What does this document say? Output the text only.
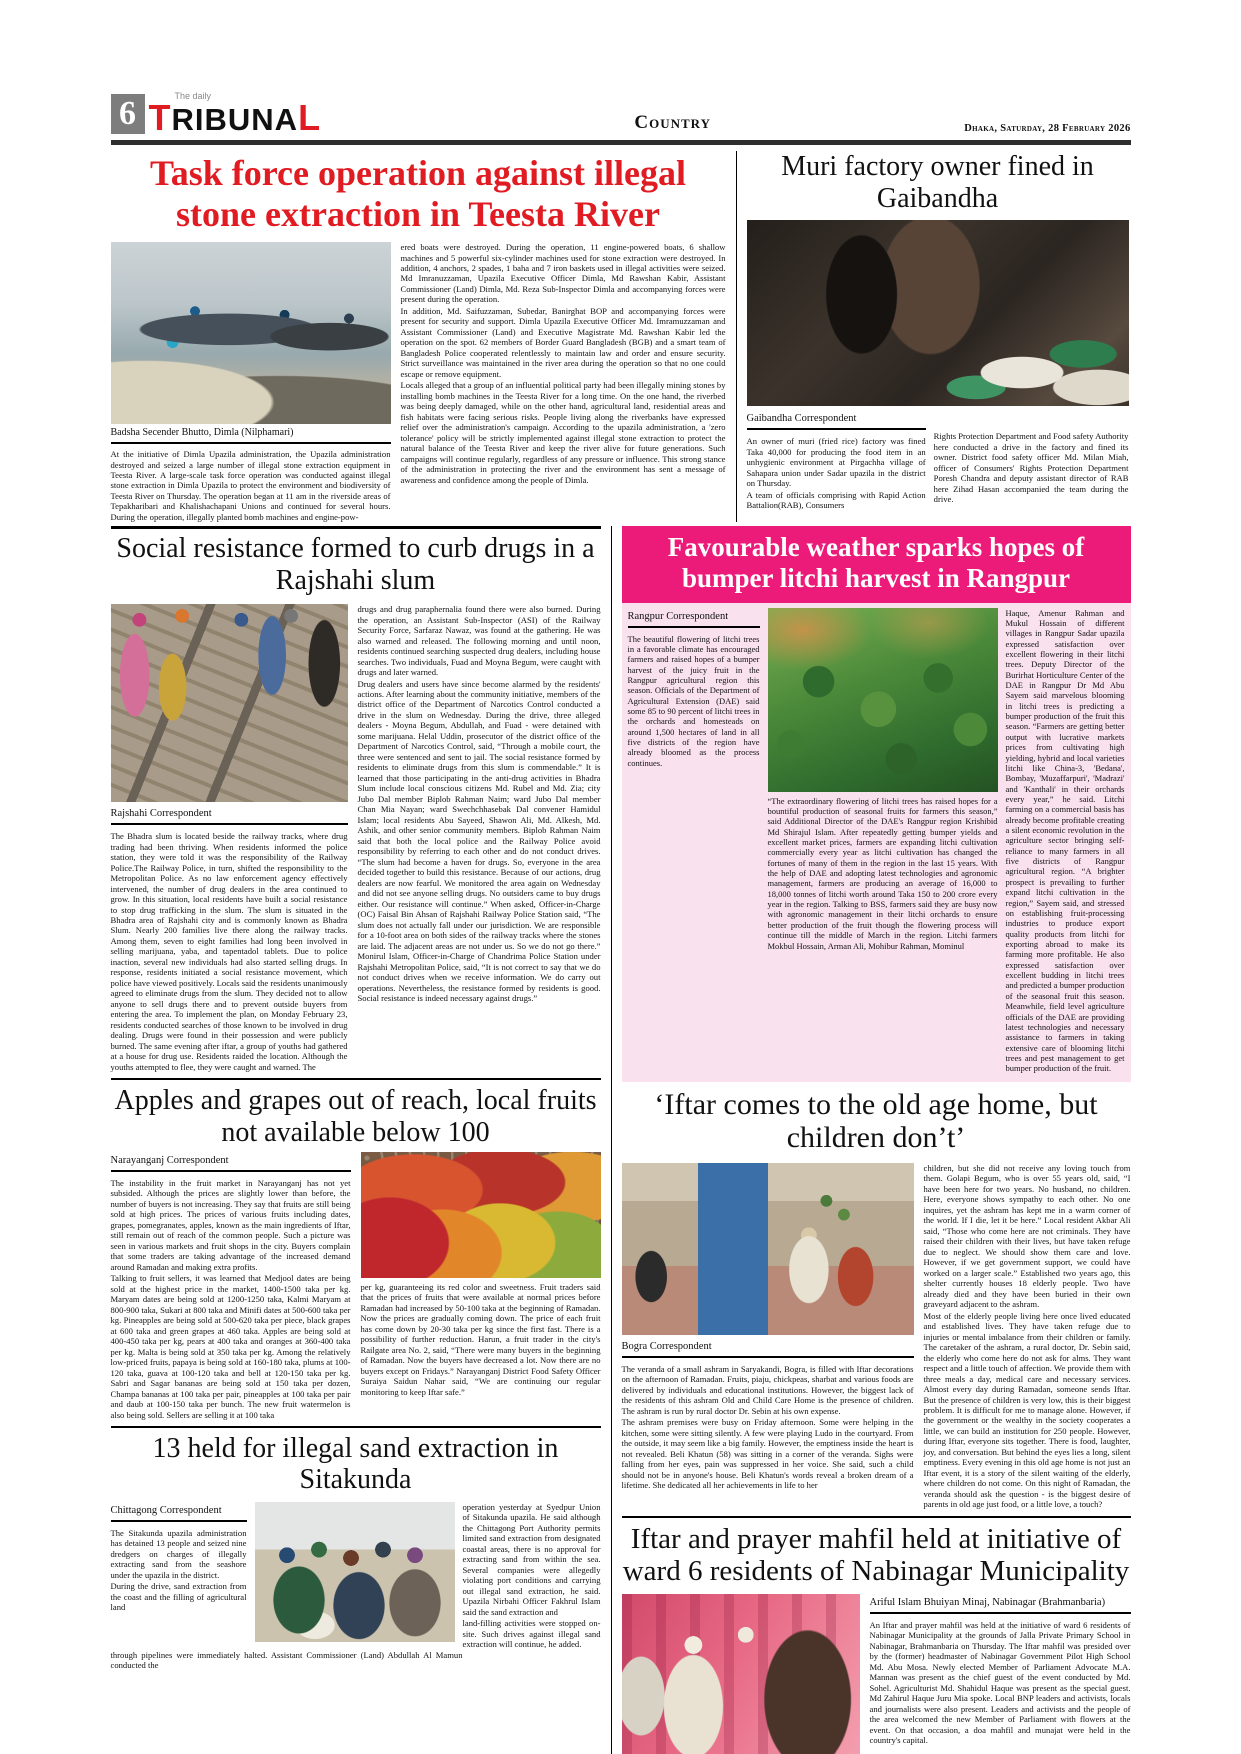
6	The daily
TRIBUNAL	Country	Dhaka, Saturday, 28 February 2026
Task force operation against illegal stone extraction in Teesta River
Badsha Secender Bhutto, Dimla (Nilphamari)

At the initiative of Dimla Upazila administration, the Upazila administration destroyed and seized a large number of illegal stone extraction equipment in Teesta River. A large-scale task force operation was conducted against illegal stone extraction in Dimla Upazila to protect the environment and biodiversity of Teesta River on Thursday. The operation began at 11 am in the riverside areas of Tepakharibari and Khalishachapani Unions and continued for several hours. During the operation, illegally planted bomb machines and engine-pow-

ered boats were destroyed. During the operation, 11 engine-powered boats, 6 shallow machines and 5 powerful six-cylinder machines used for stone extraction were destroyed. In addition, 4 anchors, 2 spades, 1 baha and 7 iron baskets used in illegal activities were seized. Md Imranuzzaman, Upazila Executive Officer Dimla, Md Rawshan Kabir, Assistant Commissioner (Land) Dimla, Md. Reza Sub-Inspector Dimla and accompanying forces were present during the operation.

In addition, Md. Saifuzzaman, Subedar, Banirghat BOP and accompanying forces were present for security and support. Dimla Upazila Executive Officer Md. Imramuzzaman and Assistant Commissioner (Land) and Executive Magistrate Md. Rawshan Kabir led the operation on the spot. 62 members of Border Guard Bangladesh (BGB) and a smart team of Bangladesh Police cooperated relentlessly to maintain law and order and ensure security. Strict surveillance was maintained in the river area during the operation so that no one could escape or remove equipment.

Locals alleged that a group of an influential political party had been illegally mining stones by installing bomb machines in the Teesta River for a long time. On the one hand, the riverbed was being deeply damaged, while on the other hand, agricultural land, residential areas and fish habitats were facing serious risks. People living along the riverbanks have expressed relief over the administration's campaign. According to the upazila administration, a 'zero tolerance' policy will be strictly implemented against illegal stone extraction to protect the natural balance of the Teesta River and keep the river alive for future generations. Such campaigns will continue regularly, regardless of any pressure or influence. This strong stance of the administration in protecting the river and the environment has sent a message of awareness and confidence among the people of Dimla.

Muri factory owner fined in Gaibandha
Gaibandha Correspondent

An owner of muri (fried rice) factory was fined Taka 40,000 for producing the food item in an unhygienic environment at Pirgachha village of Sahapara union under Sadar upazila in the district on Thursday.

A team of officials comprising with Rapid Action Battalion(RAB), Consumers

Rights Protection Department and Food safety Authority here conducted a drive in the factory and fined its owner. District food safety officer Md. Milan Miah, officer of Consumers' Rights Protection Department Poresh Chandra and deputy assistant director of RAB here Zihad Hasan accompanied the team during the drive.

Social resistance formed to curb drugs in a Rajshahi slum
Rajshahi Correspondent

The Bhadra slum is located beside the railway tracks, where drug trading had been thriving. When residents informed the police station, they were told it was the responsibility of the Railway Police.The Railway Police, in turn, shifted the responsibility to the Metropolitan Police. As no law enforcement agency effectively intervened, the number of drug dealers in the area continued to grow. In this situation, local residents have built a social resistance to stop drug trafficking in the slum. The slum is situated in the Bhadra area of Rajshahi city and is commonly known as Bhadra Slum. Nearly 200 families live there along the railway tracks. Among them, seven to eight families had long been involved in selling marijuana, yaba, and tapentadol tablets. Due to police inaction, several new individuals had also started selling drugs. In response, residents initiated a social resistance movement, which police have viewed positively. Locals said the residents unanimously agreed to eliminate drugs from the slum. They decided not to allow anyone to sell drugs there and to prevent outside buyers from entering the area. To implement the plan, on Monday February 23, residents conducted searches of those known to be involved in drug dealing. Drugs were found in their possession and were publicly burned. The same evening after iftar, a group of youths had gathered at a house for drug use. Residents raided the location. Although the youths attempted to flee, they were caught and warned. The

drugs and drug paraphernalia found there were also burned. During the operation, an Assistant Sub-Inspector (ASI) of the Railway Security Force, Sarfaraz Nawaz, was found at the gathering. He was also warned and released. The following morning and until noon, residents continued searching suspected drug dealers, including house searches. Two individuals, Fuad and Moyna Begum, were caught with drugs and later warned.

Drug dealers and users have since become alarmed by the residents' actions. After learning about the community initiative, members of the district office of the Department of Narcotics Control conducted a drive in the slum on Wednesday. During the drive, three alleged dealers - Moyna Begum, Abdullah, and Fuad - were detained with some marijuana. Helal Uddin, prosecutor of the district office of the Department of Narcotics Control, said, “Through a mobile court, the three were sentenced and sent to jail. The social resistance formed by residents to eliminate drugs from this slum is commendable.” It is learned that those participating in the anti-drug activities in Bhadra Slum include local conscious citizens Md. Rubel and Md. Zia; city Jubo Dal member Biplob Rahman Naim; ward Jubo Dal member Chan Mia Nayan; ward Swechchhasebak Dal convener Hamidul Islam; local residents Abu Sayeed, Shawon Ali, Md. Alkesh, Md. Ashik, and other senior community members. Biplob Rahman Naim said that both the local police and the Railway Police avoid responsibility by referring to each other and do not conduct drives. “The slum had become a haven for drugs. So, everyone in the area decided together to build this resistance. Because of our actions, drug dealers are now fearful. We monitored the area again on Wednesday and did not see anyone selling drugs. No outsiders came to buy drugs either. Our resistance will continue.” When asked, Officer-in-Charge (OC) Faisal Bin Ahsan of Rajshahi Railway Police Station said, “The slum does not actually fall under our jurisdiction. We are responsible for a 10-foot area on both sides of the railway tracks where the stones are laid. The adjacent areas are not under us. So we do not go there.” Monirul Islam, Officer-in-Charge of Chandrima Police Station under Rajshahi Metropolitan Police, said, “It is not correct to say that we do not conduct drives when we receive information. We do carry out operations. Nevertheless, the resistance formed by residents is good. Social resistance is indeed necessary against drugs.”

Apples and grapes out of reach, local fruits not available below 100
Narayanganj Correspondent

The instability in the fruit market in Narayanganj has not yet subsided. Although the prices are slightly lower than before, the number of buyers is not increasing. They say that fruits are still being sold at high prices. The prices of various fruits including dates, grapes, pomegranates, apples, known as the main ingredients of Iftar, still remain out of reach of the common people. Such a picture was seen in various markets and fruit shops in the city. Buyers complain that some traders are taking advantage of the increased demand around Ramadan and making extra profits.

Talking to fruit sellers, it was learned that Medjool dates are being sold at the highest price in the market, 1400-1500 taka per kg. Maryam dates are being sold at 1200-1250 taka, Kalmi Maryam at 800-900 taka, Sukari at 800 taka and Minifi dates at 500-600 taka per kg. Pineapples are being sold at 500-620 taka per piece, black grapes at 600 taka and green grapes at 460 taka. Apples are being sold at 400-450 taka per kg, pears at 400 taka and oranges at 360-400 taka per kg. Malta is being sold at 350 taka per kg. Among the relatively low-priced fruits, papaya is being sold at 160-180 taka, plums at 100-120 taka, guava at 100-120 taka and bell at 120-150 taka per kg. Sabri and Sagar bananas are being sold at 150 taka per dozen, Champa bananas at 100 taka per pair, pineapples at 100 taka per pair and daub at 100-150 taka per bunch. The new fruit watermelon is also being sold. Sellers are selling it at 100 taka

per kg, guaranteeing its red color and sweetness. Fruit traders said that the prices of fruits that were available at normal prices before Ramadan had increased by 50-100 taka at the beginning of Ramadan. Now the prices are gradually coming down. The price of each fruit has come down by 20-30 taka per kg since the first fast. There is a possibility of further reduction. Harun, a fruit trader in the city's Railgate area No. 2, said, “There were many buyers in the beginning of Ramadan. Now the buyers have decreased a lot. Now there are no buyers except on Fridays.” Narayanganj District Food Safety Officer Suraiya Saidun Nahar said, “We are continuing our regular monitoring to keep Iftar safe.”

13 held for illegal sand extraction in Sitakunda
Chittagong Correspondent

The Sitakunda upazila administration has detained 13 people and seized nine dredgers on charges of illegally extracting sand from the seashore under the upazila in the district.

During the drive, sand extraction from the coast and the filling of agricultural land

operation yesterday at Syedpur Union of Sitakunda upazila. He said although the Chittagong Port Authority permits limited sand extraction from designated coastal areas, there is no approval for extracting sand from within the sea. Several companies were allegedly violating port conditions and carrying out illegal sand extraction, he said. Upazila Nirbahi Officer Fakhrul Islam said the sand extraction and

land-filling activities were stopped on-site. Such drives against illegal sand extraction will continue, he added.

through pipelines were immediately halted. Assistant Commissioner (Land) Abdullah Al Mamun conducted the

Favourable weather sparks hopes of bumper litchi harvest in Rangpur
Rangpur Correspondent

The beautiful flowering of litchi trees in a favorable climate has encouraged farmers and raised hopes of a bumper harvest of the juicy fruit in the Rangpur agricultural region this season. Officials of the Department of Agricultural Extension (DAE) said some 85 to 90 percent of litchi trees in the orchards and homesteads on around 1,500 hectares of land in all five districts of the region have already bloomed as the process continues.

“The extraordinary flowering of litchi trees has raised hopes for a bountiful production of seasonal fruits for farmers this season,” said Additional Director of the DAE's Rangpur region Krishibid Md Shirajul Islam. After repeatedly getting bumper yields and excellent market prices, farmers are expanding litchi cultivation commercially every year as litchi cultivation has changed the fortunes of many of them in the region in the last 15 years. With the help of DAE and adopting latest technologies and agronomic management, farmers are producing an average of 16,000 to 18,000 tonnes of litchi worth around Taka 150 to 200 crore every year in the region. Talking to BSS, farmers said they are busy now with agronomic management in their litchi orchards to ensure better production of the fruit though the flowering process will continue till the middle of March in the region. Litchi farmers Mokbul Hossain, Arman Ali, Mohibur Rahman, Mominul

Haque, Amenur Rahman and Mukul Hossain of different villages in Rangpur Sadar upazila expressed satisfaction over excellent flowering in their litchi trees. Deputy Director of the Burirhat Horticulture Center of the DAE in Rangpur Dr Md Abu Sayem said marvelous blooming in litchi trees is predicting a bumper production of the fruit this season. “Farmers are getting better output with lucrative markets prices from cultivating high yielding, hybrid and local varieties litchi like China-3, 'Bedana', Bombay, 'Muzaffarpuri', 'Madrazi' and 'Kanthali' in their orchards every year,” he said. Litchi farming on a commercial basis has already become profitable creating a silent economic revolution in the agriculture sector bringing self-reliance to many farmers in all five districts of Rangpur agricultural region. “A brighter prospect is prevailing to further expand litchi cultivation in the region,” Sayem said, and stressed on establishing fruit-processing industries to produce export quality products from litchi for exporting abroad to make its farming more profitable. He also expressed satisfaction over excellent budding in litchi trees and predicted a bumper production of the seasonal fruit this season. Meanwhile, field level agriculture officials of the DAE are providing latest technologies and necessary assistance to farmers in taking extensive care of blooming litchi trees and pest management to get bumper production of the fruit.

‘Iftar comes to the old age home, but children don’t’
Bogra Correspondent

The veranda of a small ashram in Saryakandi, Bogra, is filled with Iftar decorations on the afternoon of Ramadan. Fruits, piaju, chickpeas, sharbat and various foods are delivered by individuals and educational institutions. However, the biggest lack of the residents of this ashram Old and Child Care Home is the presence of children. The ashram is run by rural doctor Dr. Sebin at his own expense.

The ashram premises were busy on Friday afternoon. Some were helping in the kitchen, some were sitting silently. A few were playing Ludo in the courtyard. From the outside, it may seem like a big family. However, the emptiness inside the heart is not revealed. Beli Khatun (58) was sitting in a corner of the veranda. Sighs were falling from her eyes, pain was suppressed in her voice. She said, such a child should not be in anyone's house. Beli Khatun's words reveal a broken dream of a lifetime. She dedicated all her achievements in life to her

children, but she did not receive any loving touch from them. Golapi Begum, who is over 55 years old, said, “I have been here for two years. No husband, no children. Here, everyone shows sympathy to each other. No one inquires, yet the ashram has kept me in a warm corner of the world. If I die, let it be here.” Local resident Akbar Ali said, “Those who come here are not criminals. They have raised their children with their lives, but have taken refuge due to neglect. We should show them care and love. However, if we get government support, we could have worked on a larger scale.” Established two years ago, this shelter currently houses 18 elderly people. Two have already died and they have been buried in their own graveyard adjacent to the ashram.

Most of the elderly people living here once lived educated and established lives. They have taken refuge due to injuries or mental imbalance from their children or family. The caretaker of the ashram, a rural doctor, Dr. Sebin said, the elderly who come here do not ask for alms. They want respect and a little touch of affection. We provide them with three meals a day, medical care and necessary services. Almost every day during Ramadan, someone sends Iftar. But the presence of children is very low, this is their biggest problem. It is difficult for me to manage alone. However, if the government or the wealthy in the society cooperates a little, we can build an institution for 250 people. However, during Iftar, everyone sits together. There is food, laughter, joy, and conversation. But behind the eyes lies a long, silent emptiness. Every evening in this old age home is not just an Iftar event, it is a story of the silent waiting of the elderly, where children do not come. On this night of Ramadan, the veranda should ask the question - is the biggest desire of parents in old age just food, or a little love, a touch?

Iftar and prayer mahfil held at initiative of ward 6 residents of Nabinagar Municipality
Ariful Islam Bhuiyan Minaj, Nabinagar (Brahmanbaria)

An Iftar and prayer mahfil was held at the initiative of ward 6 residents of Nabinagar Municipality at the grounds of Jalla Private Primary School in Nabinagar, Brahmanbaria on Thursday. The Iftar mahfil was presided over by the (former) headmaster of Nabinagar Government Pilot High School Md. Abu Mosa. Newly elected Member of Parliament Advocate M.A. Mannan was present as the chief guest of the event conducted by Md. Sohel. Agriculturist Md. Shahidul Haque was present as the special guest. Md Zahirul Haque Juru Mia spoke. Local BNP leaders and activists, locals and journalists were also present. Leaders and activists and the people of the area welcomed the new Member of Parliament with flowers at the event. On that occasion, a doa mahfil and munajat were held in the country's capital.
